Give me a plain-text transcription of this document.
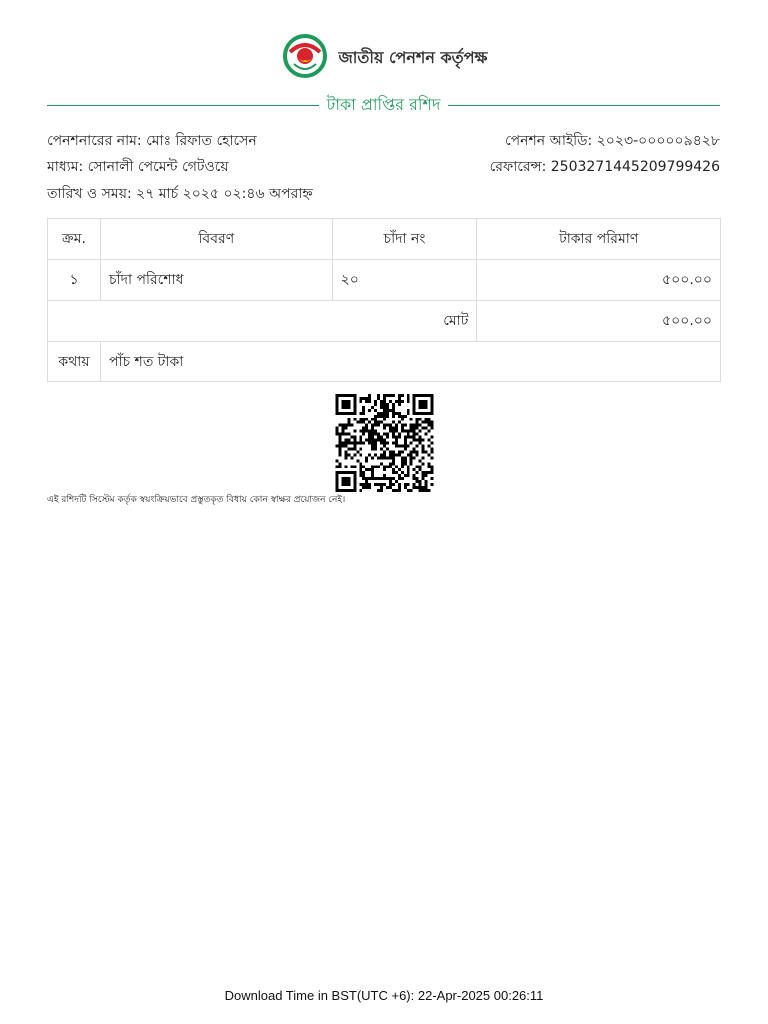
জাতীয় পেনশন কর্তৃপক্ষ
টাকা প্রাপ্তির রশিদ
পেনশনারের নাম: মোঃ রিফাত হোসেন	পেনশন আইডি: ২০২৩-০০০০০৯৪২৮
মাধ্যম: সোনালী পেমেন্ট গেটওয়ে	রেফারেন্স: 2503271445209799426
তারিখ ও সময়: ২৭ মার্চ ২০২৫ ০২:৪৬ অপরাহ্ন
ক্রম.	বিবরণ	চাঁদা নং	টাকার পরিমাণ
১	চাঁদা পরিশোধ	২০	৫০০.০০
মোট			৫০০.০০
কথায়	পাঁচ শত টাকা		
এই রশিদটি সিস্টেম কর্তৃক স্বয়ংক্রিয়ভাবে প্রস্তুতকৃত বিধায় কোন স্বাক্ষর প্রয়োজন নেই।
Download Time in BST(UTC +6): 22-Apr-2025 00:26:11
